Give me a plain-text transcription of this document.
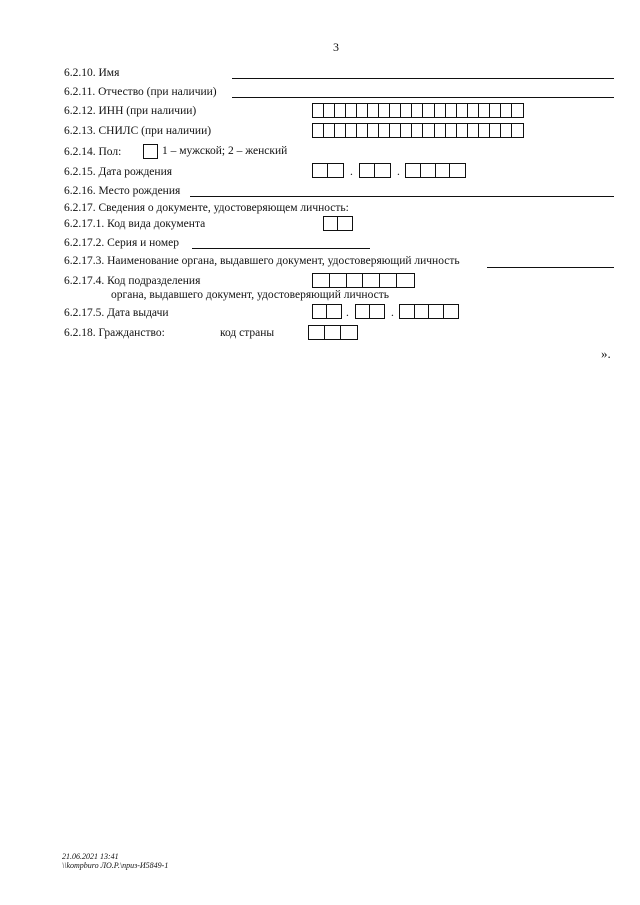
3
6.2.10. Имя
6.2.11. Отчество (при наличии)
6.2.12. ИНН (при наличии)
6.2.13. СНИЛС (при наличии)
6.2.14. Пол:	1 – мужской; 2 – женский
6.2.15. Дата рождения	.	.
6.2.16. Место рождения
6.2.17. Сведения о документе, удостоверяющем личность:
6.2.17.1. Код вида документа
6.2.17.2. Серия и номер
6.2.17.3. Наименование органа, выдавшего документ, удостоверяющий личность
6.2.17.4. Код подразделения
органа, выдавшего документ, удостоверяющий личность
6.2.17.5. Дата выдачи	.	.
6.2.18. Гражданство:	код страны
».
21.06.2021 13:41
\\kompburo ЛО.Р.\приз-И5849-1
